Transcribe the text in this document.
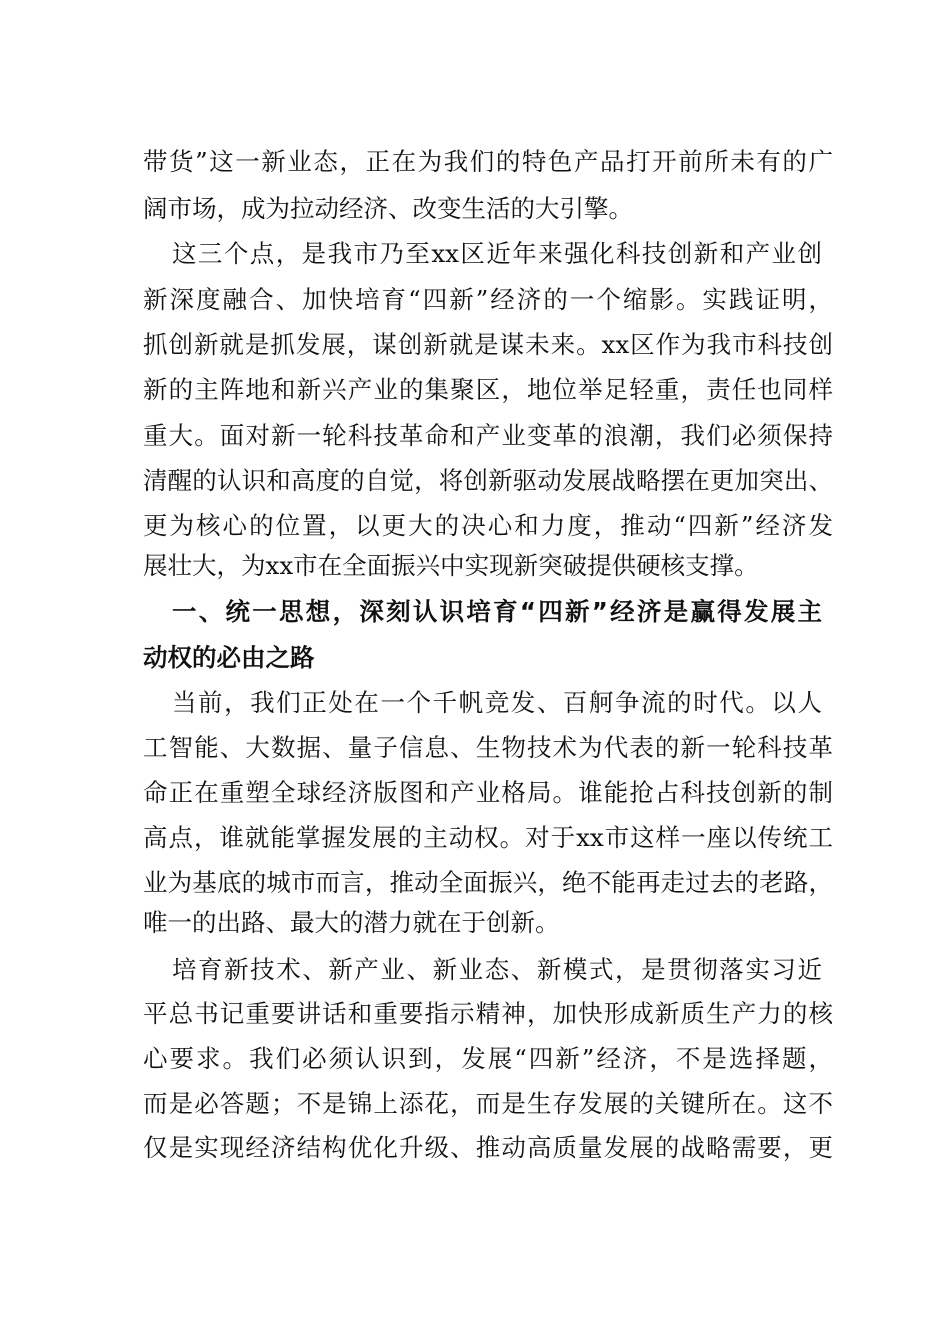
带货”这一新业态，正在为我们的特色产品打开前所未有的广
阔市场，成为拉动经济、改变生活的大引擎。
这三个点，是我市乃至xx区近年来强化科技创新和产业创
新深度融合、加快培育“四新”经济的一个缩影。实践证明，
抓创新就是抓发展，谋创新就是谋未来。xx区作为我市科技创
新的主阵地和新兴产业的集聚区，地位举足轻重，责任也同样
重大。面对新一轮科技革命和产业变革的浪潮，我们必须保持
清醒的认识和高度的自觉，将创新驱动发展战略摆在更加突出、
更为核心的位置，以更大的决心和力度，推动“四新”经济发
展壮大，为xx市在全面振兴中实现新突破提供硬核支撑。
一、统一思想，深刻认识培育“四新”经济是赢得发展主
动权的必由之路
当前，我们正处在一个千帆竞发、百舸争流的时代。以人
工智能、大数据、量子信息、生物技术为代表的新一轮科技革
命正在重塑全球经济版图和产业格局。谁能抢占科技创新的制
高点，谁就能掌握发展的主动权。对于xx市这样一座以传统工
业为基底的城市而言，推动全面振兴，绝不能再走过去的老路，
唯一的出路、最大的潜力就在于创新。
培育新技术、新产业、新业态、新模式，是贯彻落实习近
平总书记重要讲话和重要指示精神，加快形成新质生产力的核
心要求。我们必须认识到，发展“四新”经济，不是选择题，
而是必答题；不是锦上添花，而是生存发展的关键所在。这不
仅是实现经济结构优化升级、推动高质量发展的战略需要，更
